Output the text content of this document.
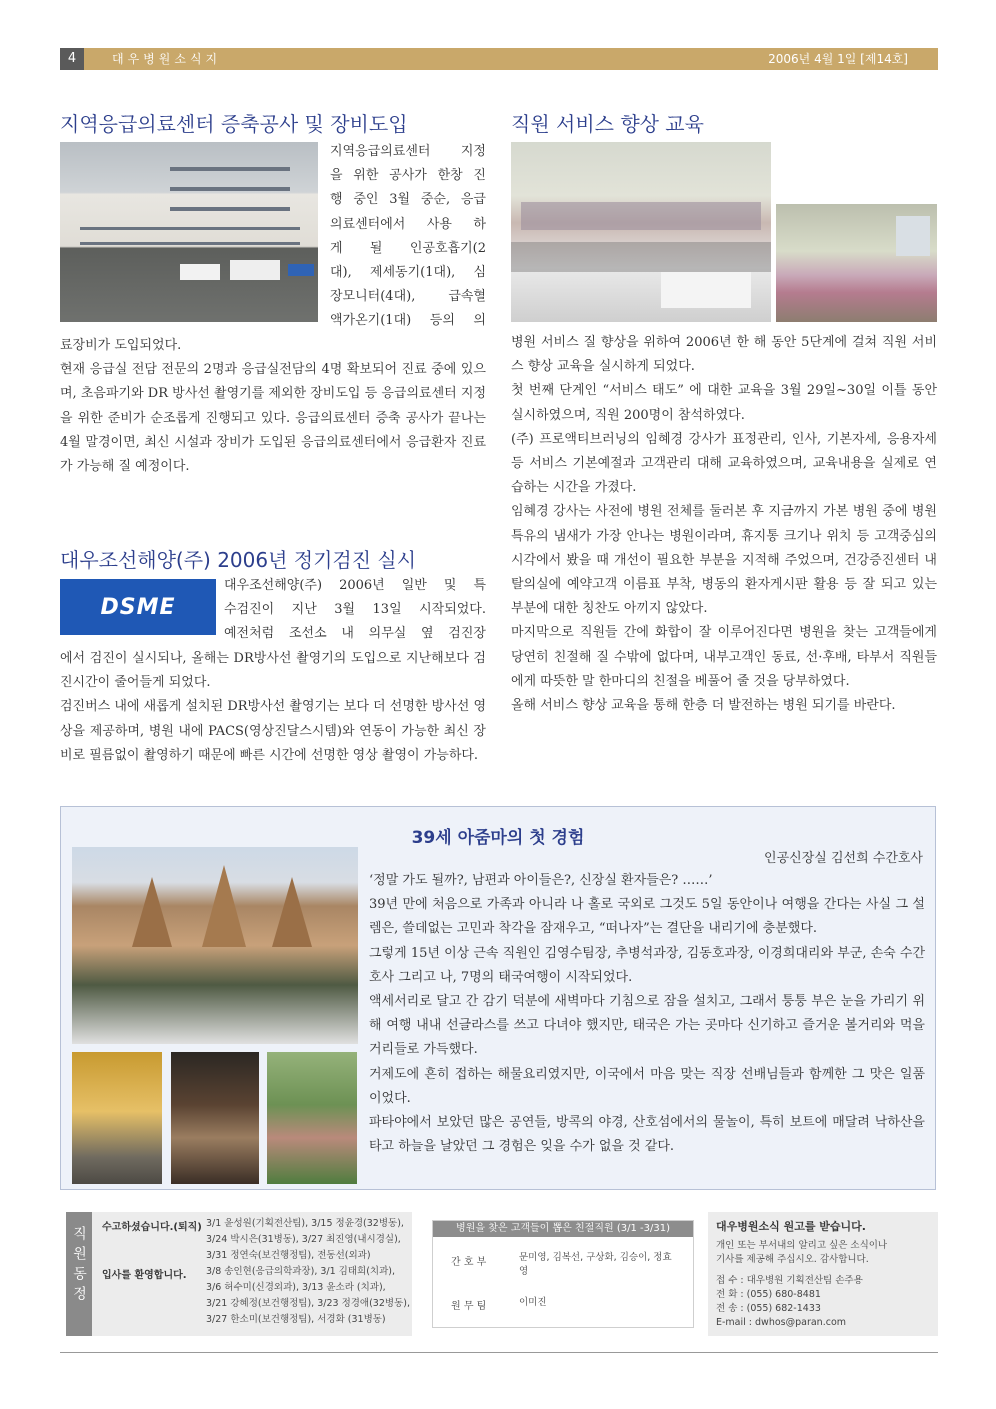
4	대우병원소식지	2006년 4월 1일 [제14호]
지역응급의료센터 증축공사 및 장비도입
지역응급의료센터 지정
을 위한 공사가 한창 진
행 중인 3월 중순, 응급
의료센터에서 사용 하
게 될 인공호흡기(2
대), 제세동기(1대), 심
장모니터(4대), 급속혈
액가온기(1대) 등의 의
료장비가 도입되었다.
현재 응급실 전담 전문의 2명과 응급실전담의 4명 확보되어 진료 중에 있으며, 초음파기와 DR 방사선 촬영기를 제외한 장비도입 등 응급의료센터 지정을 위한 준비가 순조롭게 진행되고 있다. 응급의료센터 증축 공사가 끝나는 4월 말경이면, 최신 시설과 장비가 도입된 응급의료센터에서 응급환자 진료가 가능해 질 예정이다.
대우조선해양(주) 2006년 정기검진 실시
DSME
대우조선해양(주) 2006년 일반 및 특
수검진이 지난 3월 13일 시작되었다.
예전처럼 조선소 내 의무실 옆 검진장
에서 검진이 실시되나, 올해는 DR방사선 촬영기의 도입으로 지난해보다 검진시간이 줄어들게 되었다.
검진버스 내에 새롭게 설치된 DR방사선 촬영기는 보다 더 선명한 방사선 영상을 제공하며, 병원 내에 PACS(영상진달스시템)와 연동이 가능한 최신 장비로 필름없이 촬영하기 때문에 빠른 시간에 선명한 영상 촬영이 가능하다.
직원 서비스 향상 교육
병원 서비스 질 향상을 위하여 2006년 한 해 동안 5단계에 걸쳐 직원 서비스 향상 교육을 실시하게 되었다.
첫 번째 단계인 “서비스 태도” 에 대한 교육을 3월 29일~30일 이틀 동안 실시하였으며, 직원 200명이 참석하였다.
(주) 프로액티브러닝의 임혜경 강사가 표정관리, 인사, 기본자세, 응용자세 등 서비스 기본예절과 고객관리 대해 교육하였으며, 교육내용을 실제로 연습하는 시간을 가졌다.
임혜경 강사는 사전에 병원 전체를 둘러본 후 지금까지 가본 병원 중에 병원 특유의 냄새가 가장 안나는 병원이라며, 휴지통 크기나 위치 등 고객중심의 시각에서 봤을 때 개선이 필요한 부분을 지적해 주었으며, 건강증진센터 내 탈의실에 예약고객 이름표 부착, 병동의 환자게시판 활용 등 잘 되고 있는 부분에 대한 칭찬도 아끼지 않았다.
마지막으로 직원들 간에 화합이 잘 이루어진다면 병원을 찾는 고객들에게 당연히 친절해 질 수밖에 없다며, 내부고객인 동료, 선·후배, 타부서 직원들에게 따뜻한 말 한마디의 친절을 베풀어 줄 것을 당부하였다.
올해 서비스 향상 교육을 통해 한층 더 발전하는 병원 되기를 바란다.
39세 아줌마의 첫 경험
인공신장실 김선희 수간호사
‘정말 가도 될까?, 남편과 아이들은?, 신장실 환자들은? ……’
39년 만에 처음으로 가족과 아니라 나 홀로 국외로 그것도 5일 동안이나 여행을 간다는 사실 그 설렘은, 쓸데없는 고민과 착각을 잠재우고, “떠나자”는 결단을 내리기에 충분했다.
그렇게 15년 이상 근속 직원인 김영수팀장, 추병석과장, 김동호과장, 이경희대리와 부군, 손숙 수간호사 그리고 나, 7명의 태국여행이 시작되었다.
액세서리로 달고 간 감기 덕분에 새벽마다 기침으로 잠을 설치고, 그래서 퉁퉁 부은 눈을 가리기 위해 여행 내내 선글라스를 쓰고 다녀야 했지만, 태국은 가는 곳마다 신기하고 즐거운 볼거리와 먹을거리들로 가득했다.
거제도에 흔히 접하는 해물요리였지만, 이국에서 마음 맞는 직장 선배님들과 함께한 그 맛은 일품이었다.
파타야에서 보았던 많은 공연들, 방콕의 야경, 산호섬에서의 물놀이, 특히 보트에 매달려 낙하산을 타고 하늘을 날았던 그 경험은 잊을 수가 없을 것 같다.
직원동정	수고하셨습니다.(퇴직) 3/1 윤성원(기획전산팀), 3/15 정윤경(32병동),
3/24 박시은(31병동), 3/27 최진영(내시경실),
3/31 정연숙(보건행정팀), 전동선(외과)
입사를 환영합니다. 3/8 송인현(응급의학과장), 3/1 김태희(치과),
3/6 허수미(신경외과), 3/13 윤소라 (치과),
3/21 강혜정(보건행정팀), 3/23 정경애(32병동),
3/27 한소미(보건행정팀), 서경화 (31병동)
병원을 찾은 고객들이 뽑은 친절직원 (3/1 -3/31)
간 호 부	문미영, 김복선, 구상화, 김승이, 정효영
원 무 팀	이미진
대우병원소식 원고를 받습니다.
개인 또는 부서내의 알리고 싶은 소식이나
기사를 제공해 주십시오. 감사합니다.
접 수 : 대우병원 기획전산팀 손주용
전 화 : (055) 680-8481
전 송 : (055) 682-1433
E-mail : dwhos@paran.com
